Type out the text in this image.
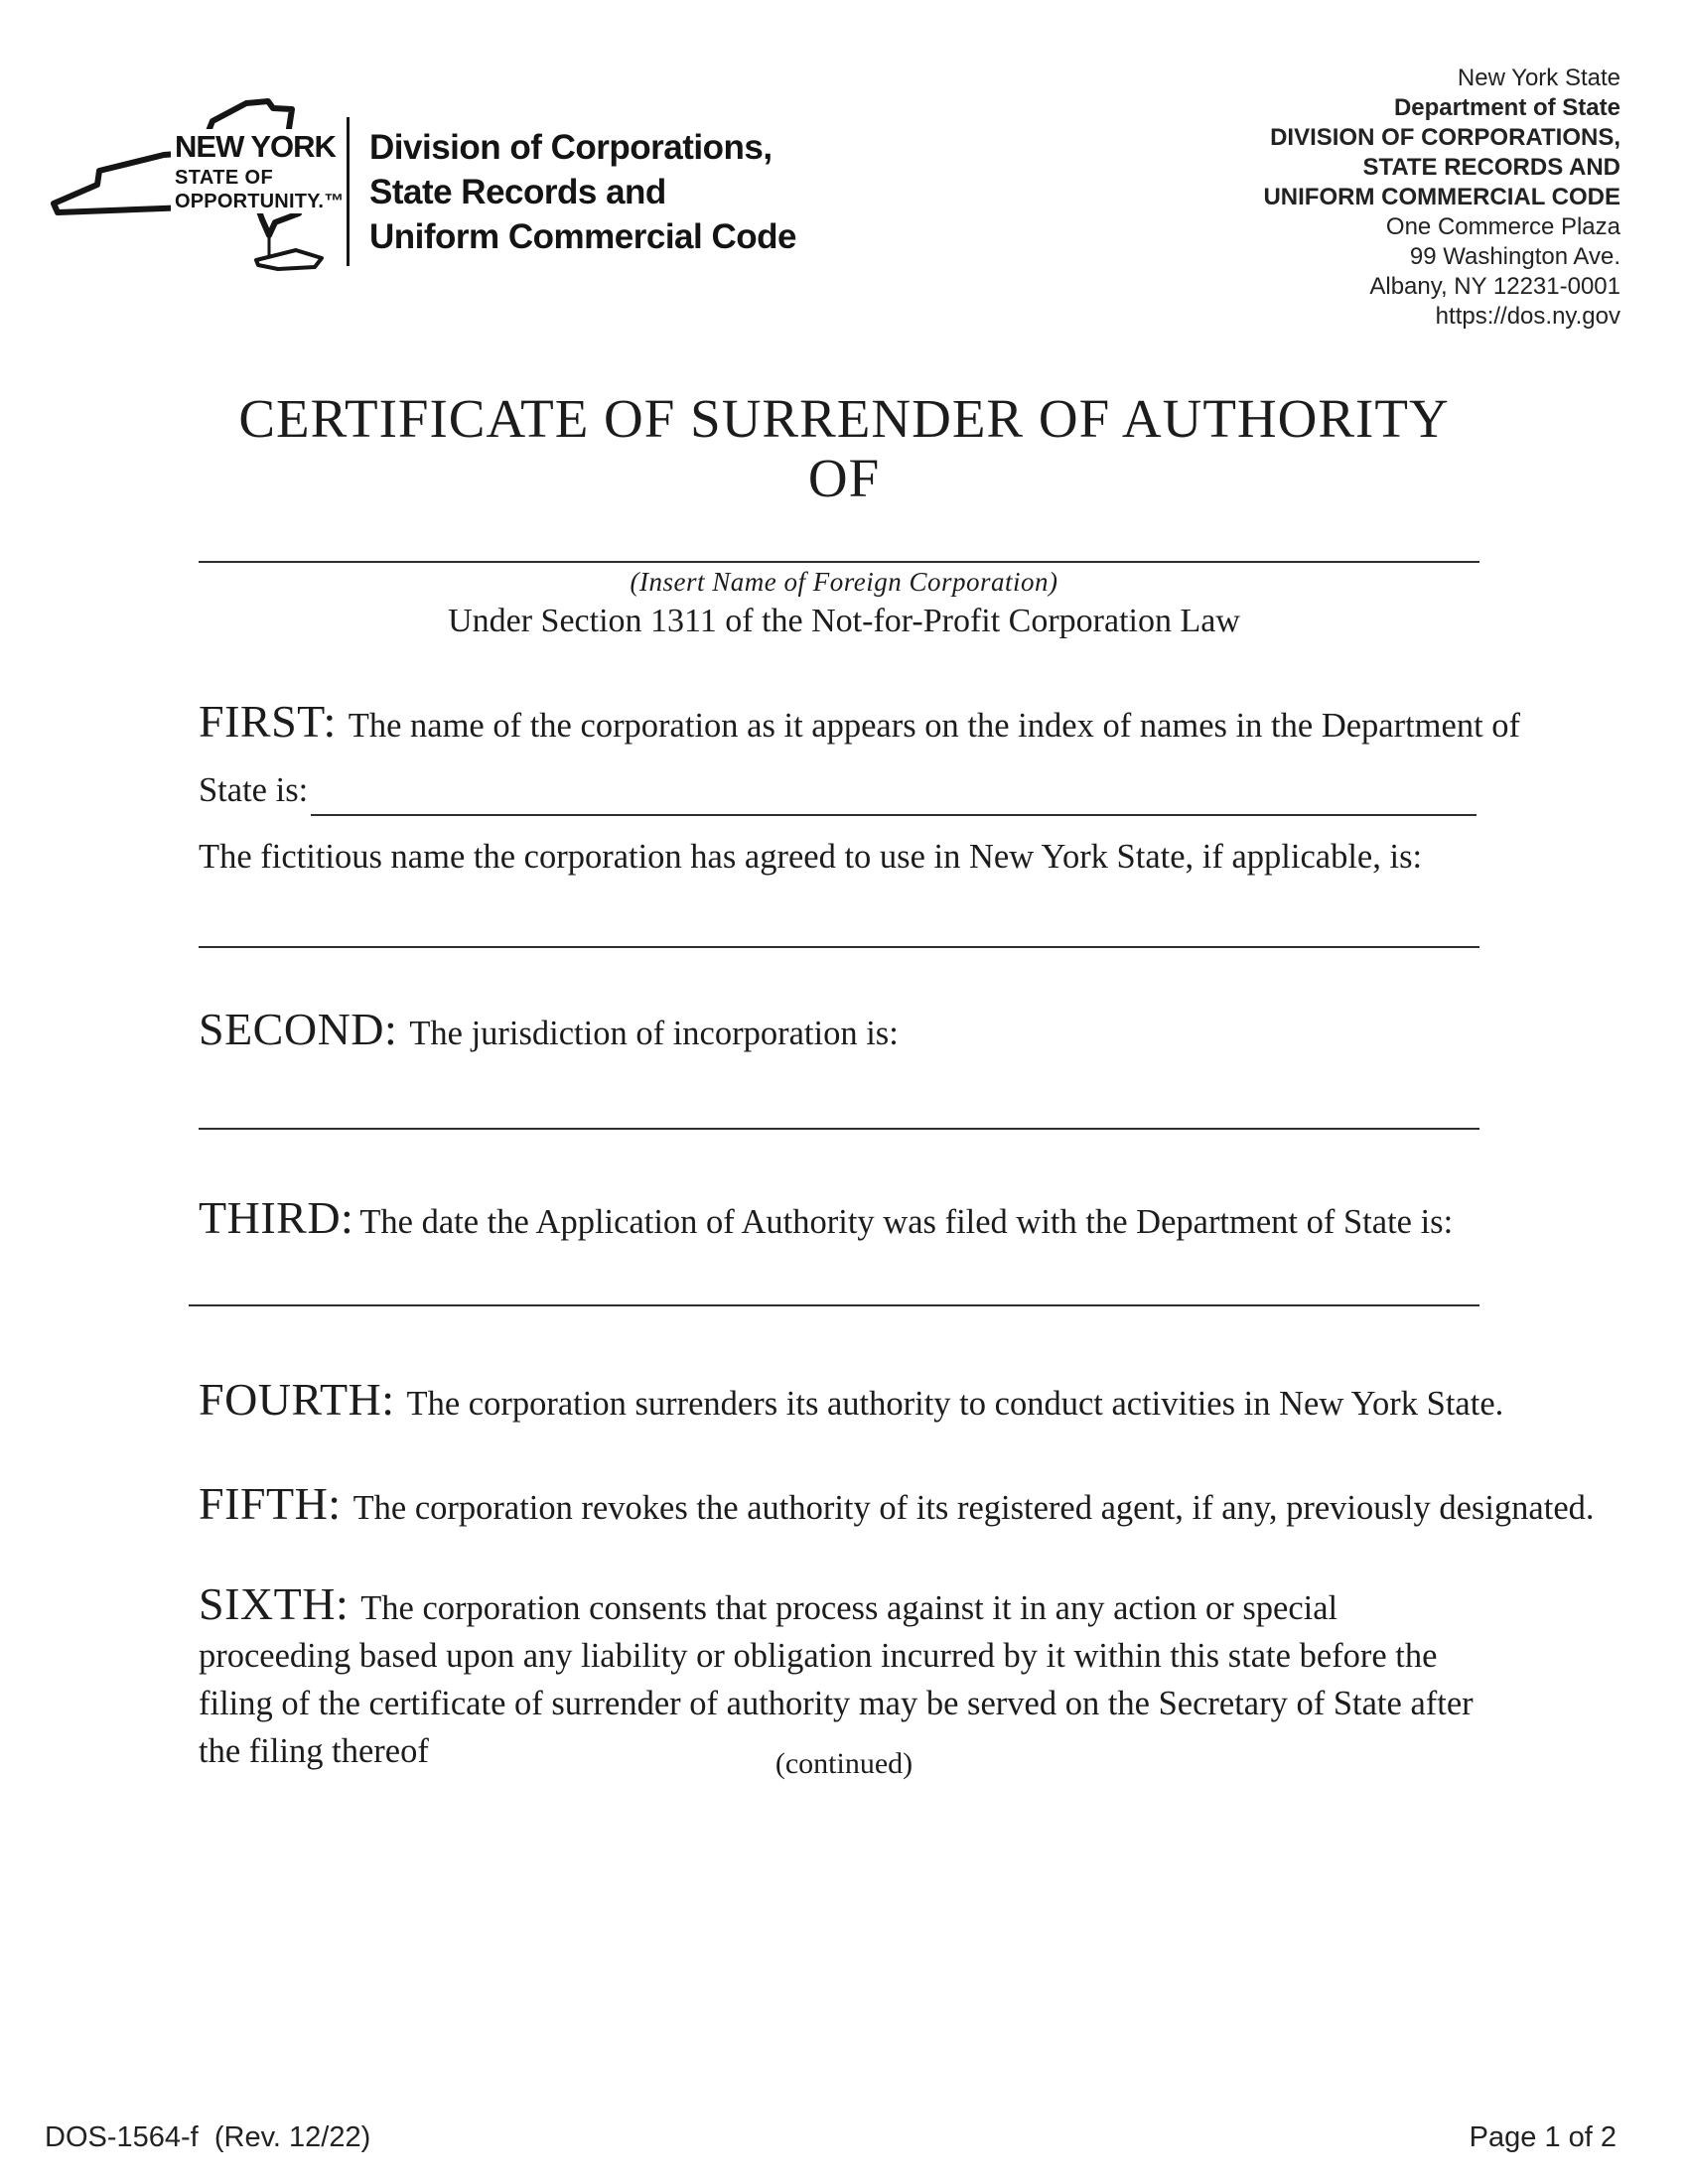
NEW YORK
STATE OF
OPPORTUNITY.™
Division of Corporations,
State Records and
Uniform Commercial Code
New York State
Department of State
DIVISION OF CORPORATIONS,
STATE RECORDS AND
UNIFORM COMMERCIAL CODE
One Commerce Plaza
99 Washington Ave.
Albany, NY 12231-0001
https://dos.ny.gov
CERTIFICATE OF SURRENDER OF AUTHORITY
OF
(Insert Name of Foreign Corporation)
Under Section 1311 of the Not-for-Profit Corporation Law
FIRST: The name of the corporation as it appears on the index of names in the Department of
State is:
The fictitious name the corporation has agreed to use in New York State, if applicable, is:
SECOND: The jurisdiction of incorporation is:
THIRD: The date the Application of Authority was filed with the Department of State is:
FOURTH: The corporation surrenders its authority to conduct activities in New York State.
FIFTH: The corporation revokes the authority of its registered agent, if any, previously designated.
SIXTH: The corporation consents that process against it in any action or special proceeding based upon any liability or obligation incurred by it within this state before the filing of the certificate of surrender of authority may be served on the Secretary of State after the filing thereof	(continued)
DOS-1564-f  (Rev. 12/22)	Page 1 of 2
